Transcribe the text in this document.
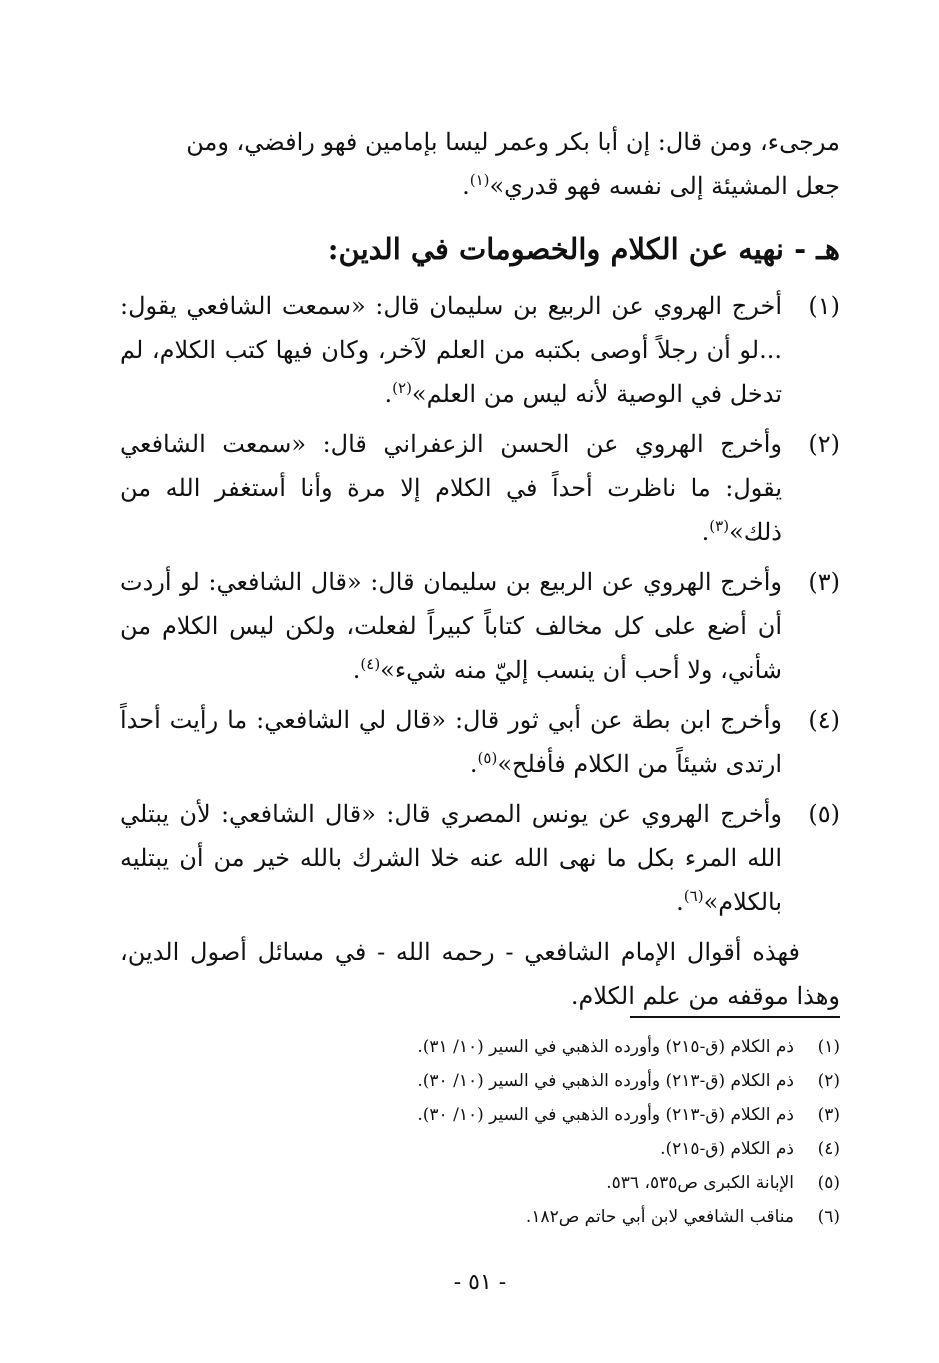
مرجىء، ومن قال: إن أبا بكر وعمر ليسا بإمامين فهو رافضي، ومن
جعل المشيئة إلى نفسه فهو قدري»$^{(١)}$.

هـ - نهيه عن الكلام والخصومات في الدين:
(١)
أخرج الهروي عن الربيع بن سليمان قال: «سمعت الشافعي يقول: ...لو أن رجلاً أوصى بكتبه من العلم لآخر، وكان فيها كتب الكلام، لم تدخل في الوصية لأنه ليس من العلم»$^{(٢)}$.
(٢)
وأخرج الهروي عن الحسن الزعفراني قال: «سمعت الشافعي يقول: ما ناظرت أحداً في الكلام إلا مرة وأنا أستغفر الله من ذلك»$^{(٣)}$.
(٣)
وأخرج الهروي عن الربيع بن سليمان قال: «قال الشافعي: لو أردت أن أضع على كل مخالف كتاباً كبيراً لفعلت، ولكن ليس الكلام من شأني، ولا أحب أن ينسب إليّ منه شيء»$^{(٤)}$.
(٤)
وأخرج ابن بطة عن أبي ثور قال: «قال لي الشافعي: ما رأيت أحداً ارتدى شيئاً من الكلام فأفلح»$^{(٥)}$.
(٥)
وأخرج الهروي عن يونس المصري قال: «قال الشافعي: لأن يبتلي الله المرء بكل ما نهى الله عنه خلا الشرك بالله خير من أن يبتليه بالكلام»$^{(٦)}$.

فهذه أقوال الإمام الشافعي - رحمه الله - في مسائل أصول الدين، وهذا موقفه من علم الكلام.

(١)
ذم الكلام (ق-٢١٥) وأورده الذهبي في السير (١٠/ ٣١).
(٢)
ذم الكلام (ق-٢١٣) وأورده الذهبي في السير (١٠/ ٣٠).
(٣)
ذم الكلام (ق-٢١٣) وأورده الذهبي في السير (١٠/ ٣٠).
(٤)
ذم الكلام (ق-٢١٥).
(٥)
الإبانة الكبرى ص٥٣٥، ٥٣٦.
(٦)
مناقب الشافعي لابن أبي حاتم ص١٨٢.
- ٥١ -
